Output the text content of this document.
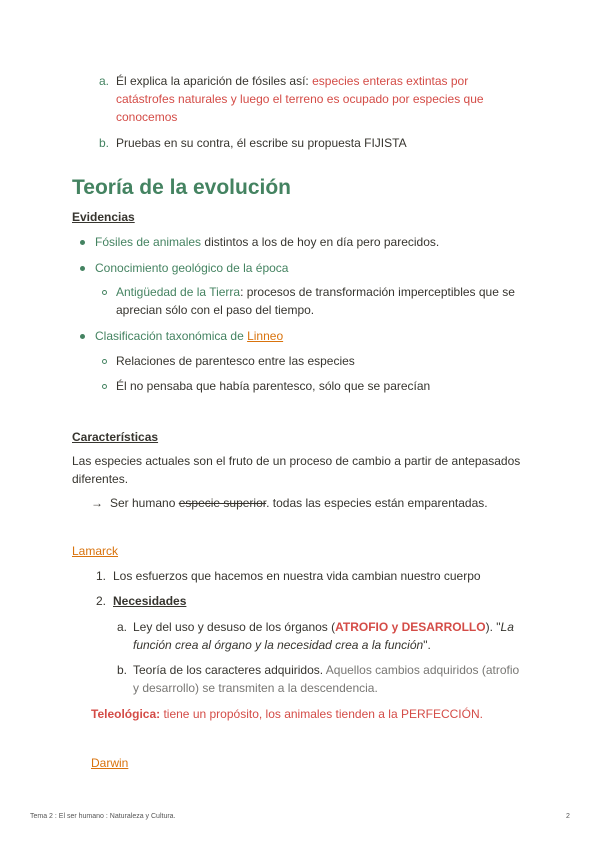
a. Él explica la aparición de fósiles así: especies enteras extintas por
catástrofes naturales y luego el terreno es ocupado por especies que
conocemos
b. Pruebas en su contra, él escribe su propuesta FIJISTA
Teoría de la evolución
Evidencias
Fósiles de animales distintos a los de hoy en día pero parecidos.
Conocimiento geológico de la época
Antigüedad de la Tierra: procesos de transformación imperceptibles que se
aprecian sólo con el paso del tiempo.
Clasificación taxonómica de Linneo
Relaciones de parentesco entre las especies
Él no pensaba que había parentesco, sólo que se parecían
Características
Las especies actuales son el fruto de un proceso de cambio a partir de antepasados
diferentes.
→ Ser humano especie superior. todas las especies están emparentadas.
Lamarck
1. Los esfuerzos que hacemos en nuestra vida cambian nuestro cuerpo
2. Necesidades
a. Ley del uso y desuso de los órganos (ATROFIO y DESARROLLO). "La
función crea al órgano y la necesidad crea a la función".
b. Teoría de los caracteres adquiridos. Aquellos cambios adquiridos (atrofio
y desarrollo) se transmiten a la descendencia.
Teleológica: tiene un propósito, los animales tienden a la PERFECCIÓN.
Darwin
Tema 2 : El ser humano : Naturaleza y Cultura.	2
